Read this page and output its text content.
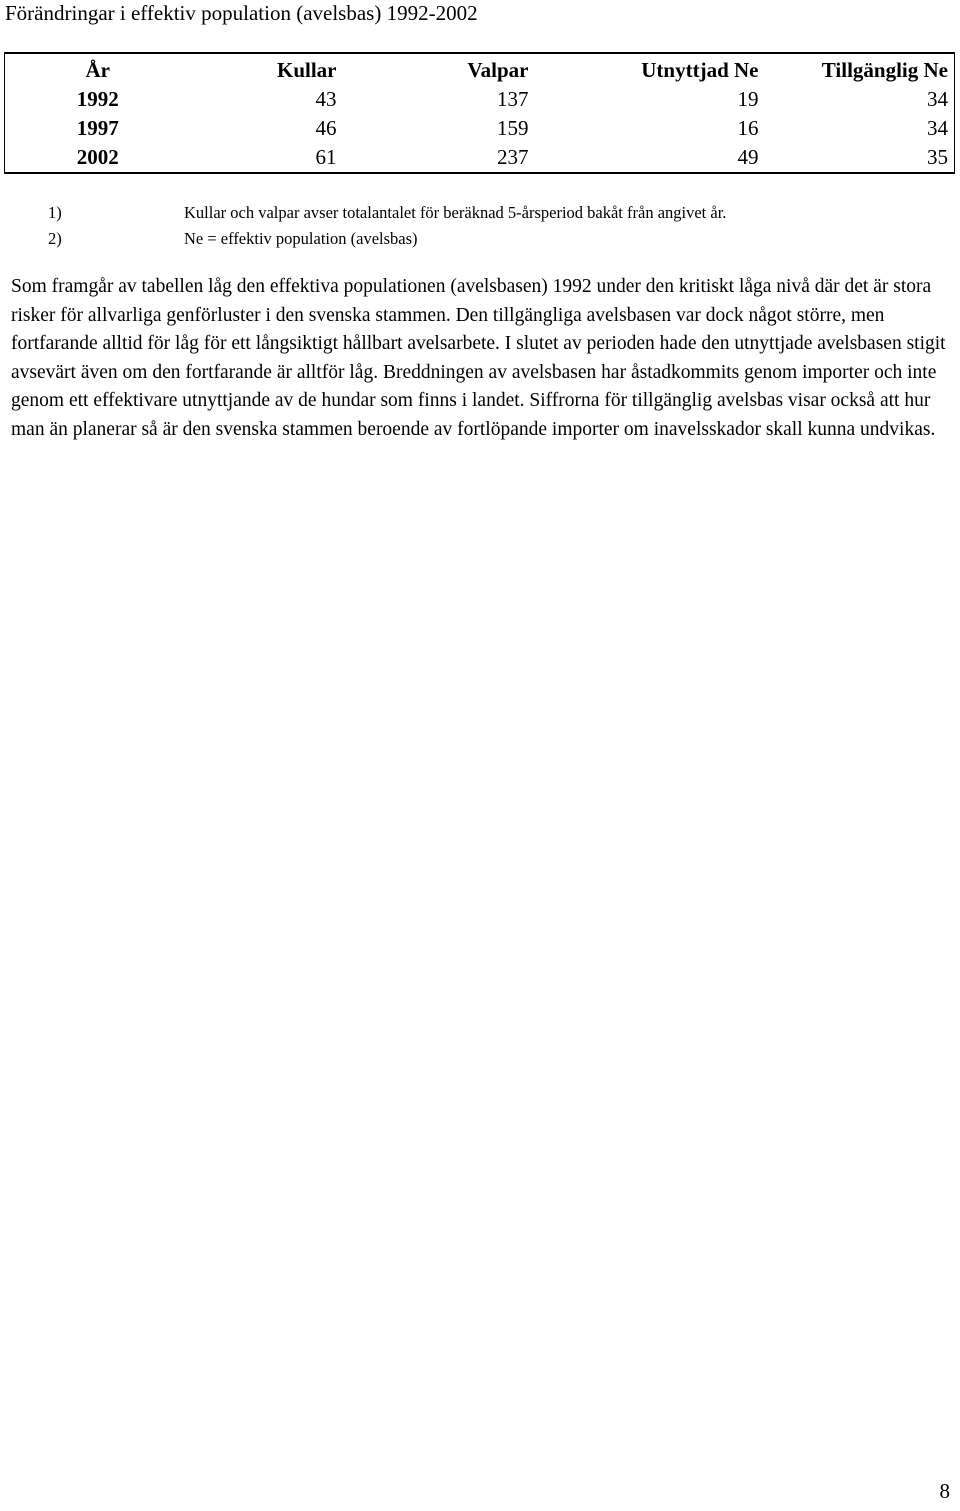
Förändringar i effektiv population (avelsbas) 1992-2002
År	Kullar	Valpar	Utnyttjad Ne	Tillgänglig Ne
1992	43	137	19	34
1997	46	159	16	34
2002	61	237	49	35
1)	Kullar och valpar avser totalantalet för beräknad 5-årsperiod bakåt från angivet år.
2)	Ne = effektiv population (avelsbas)

Som framgår av tabellen låg den effektiva populationen (avelsbasen) 1992 under den kritiskt låga nivå där det är stora risker för allvarliga genförluster i den svenska stammen. Den tillgängliga avelsbasen var dock något större, men fortfarande alltid för låg för ett långsiktigt hållbart avelsarbete. I slutet av perioden hade den utnyttjade avelsbasen stigit avsevärt även om den fortfarande är alltför låg. Breddningen av avelsbasen har åstadkommits genom importer och inte genom ett effektivare utnyttjande av de hundar som finns i landet. Siffrorna för tillgänglig avelsbas visar också att hur man än planerar så är den svenska stammen beroende av fortlöpande importer om inavelsskador skall kunna undvikas.

8
